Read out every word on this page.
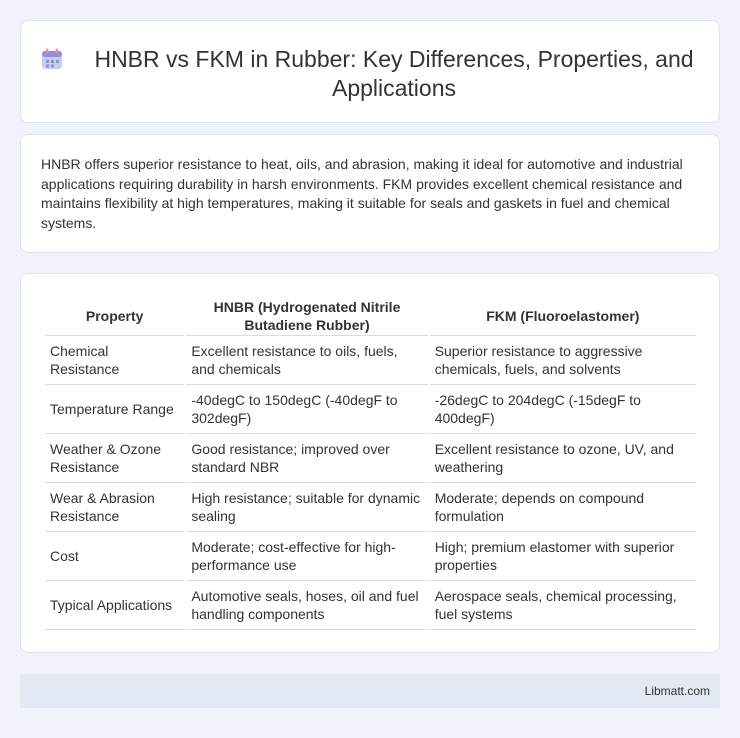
HNBR vs FKM in Rubber: Key Differences, Properties, and Applications

HNBR offers superior resistance to heat, oils, and abrasion, making it ideal for automotive and industrial applications requiring durability in harsh environments. FKM provides excellent chemical resistance and maintains flexibility at high temperatures, making it suitable for seals and gaskets in fuel and chemical systems.

Property	HNBR (Hydrogenated Nitrile Butadiene Rubber)	FKM (Fluoroelastomer)
Chemical Resistance	Excellent resistance to oils, fuels, and chemicals	Superior resistance to aggressive chemicals, fuels, and solvents
Temperature Range	-40degC to 150degC (-40degF to 302degF)	-26degC to 204degC (-15degF to 400degF)
Weather & Ozone Resistance	Good resistance; improved over standard NBR	Excellent resistance to ozone, UV, and weathering
Wear & Abrasion Resistance	High resistance; suitable for dynamic sealing	Moderate; depends on compound formulation
Cost	Moderate; cost-effective for high-performance use	High; premium elastomer with superior properties
Typical Applications	Automotive seals, hoses, oil and fuel handling components	Aerospace seals, chemical processing, fuel systems
Libmatt.com
